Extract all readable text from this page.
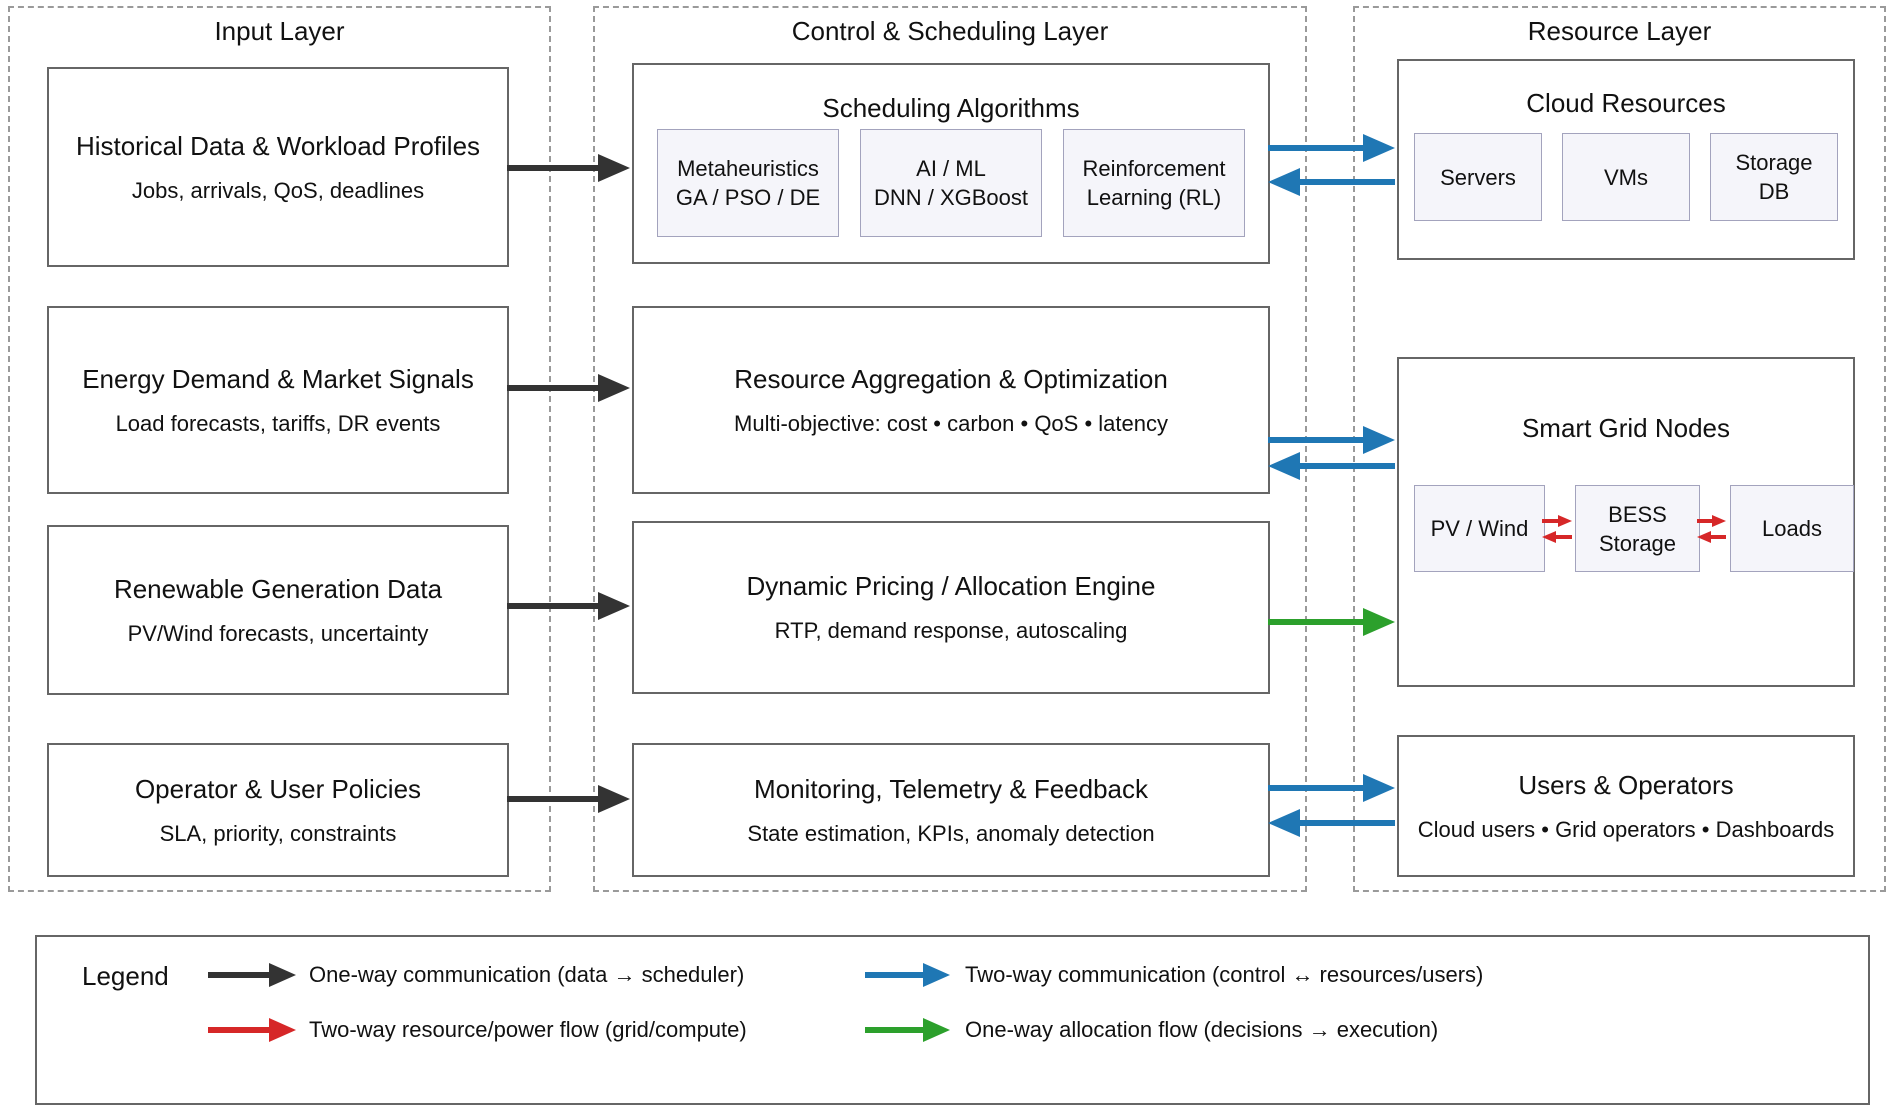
Input Layer
Historical Data & Workload Profiles
Jobs, arrivals, QoS, deadlines
Energy Demand & Market Signals
Load forecasts, tariffs, DR events
Renewable Generation Data
PV/Wind forecasts, uncertainty
Operator & User Policies
SLA, priority, constraints
Control & Scheduling Layer
Scheduling Algorithms
Metaheuristics
GA / PSO / DE
AI / ML
DNN / XGBoost
Reinforcement
Learning (RL)
Resource Aggregation & Optimization
Multi-objective: cost • carbon • QoS • latency
Dynamic Pricing / Allocation Engine
RTP, demand response, autoscaling
Monitoring, Telemetry & Feedback
State estimation, KPIs, anomaly detection
Resource Layer
Cloud Resources
Servers	VMs
Storage
DB
Smart Grid Nodes
PV / Wind
BESS
Storage
Loads
Users & Operators
Cloud users • Grid operators • Dashboards
Legend	One-way communication (data → scheduler)
Two-way resource/power flow (grid/compute)
Two-way communication (control ↔ resources/users)
One-way allocation flow (decisions → execution)
